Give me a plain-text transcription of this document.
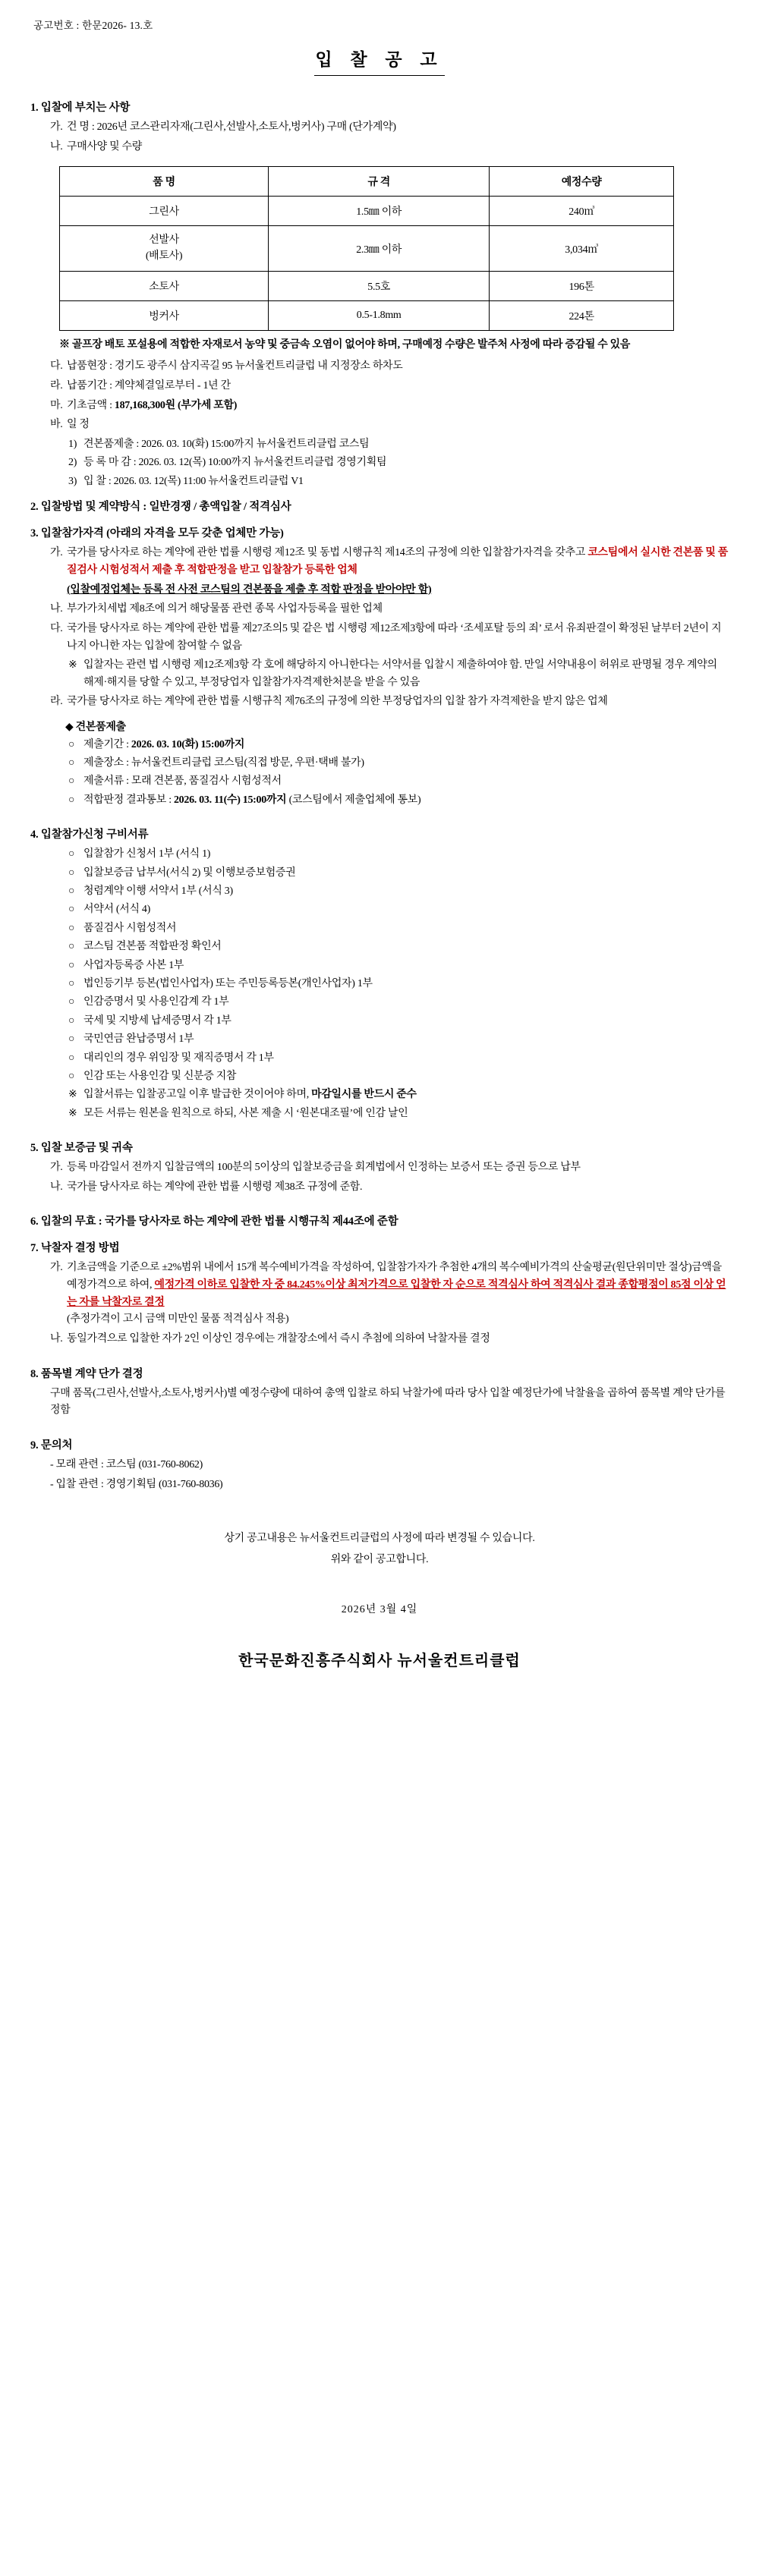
공고번호 : 한문2026- 13.호
입 찰 공 고
1. 입찰에 부치는 사항
가. 건 명 : 2026년 코스관리자재(그린사,선발사,소토사,벙커사) 구매 (단가계약)
나. 구매사양 및 수량
품 명	규 격	예정수량
그린사	1.5㎜ 이하	240㎥
선발사
(배토사)	2.3㎜ 이하	3,034㎥
소토사	5.5호	196톤
벙커사	0.5-1.8mm	224톤
※ 골프장 배토 포설용에 적합한 자재로서 농약 및 중금속 오염이 없어야 하며, 구매예정 수량은 발주처 사정에 따라 증감될 수 있음
다. 납품현장 : 경기도 광주시 삼지곡길 95 뉴서울컨트리클럽 내 지정장소 하차도
라. 납품기간 : 계약체결일로부터 - 1년 간
마. 기초금액 : 187,168,300원 (부가세 포함)
바. 일 정
1) 견본품제출 : 2026. 03. 10(화) 15:00까지 뉴서울컨트리클럽 코스팀
2) 등 록 마 감 : 2026. 03. 12(목) 10:00까지 뉴서울컨트리클럽 경영기획팀
3) 입 찰 : 2026. 03. 12(목) 11:00 뉴서울컨트리클럽 V1
2. 입찰방법 및 계약방식 : 일반경쟁 / 총액입찰 / 적격심사
3. 입찰참가자격 (아래의 자격을 모두 갖춘 업체만 가능)
가. 국가를 당사자로 하는 계약에 관한 법률 시행령 제12조 및 동법 시행규칙 제14조의 규정에 의한 입찰참가자격을 갖추고 코스팀에서 실시한 견본품 및 품질검사 시험성적서 제출 후 적합판정을 받고 입찰참가 등록한 업체
(입찰예정업체는 등록 전 사전 코스팀의 견본품을 제출 후 적합 판정을 받아야만 함)
나. 부가가치세법 제8조에 의거 해당물품 관련 종목 사업자등록을 필한 업체
다. 국가를 당사자로 하는 계약에 관한 법률 제27조의5 및 같은 법 시행령 제12조제3항에 따라 ‘조세포탈 등의 죄’ 로서 유죄판결이 확정된 날부터 2년이 지나지 아니한 자는 입찰에 참여할 수 없음
※ 입찰자는 관련 법 시행령 제12조제3항 각 호에 해당하지 아니한다는 서약서를 입찰시 제출하여야 함. 만일 서약내용이 허위로 판명될 경우 계약의 해제·해지를 당할 수 있고, 부정당업자 입찰참가자격제한처분을 받을 수 있음
라. 국가를 당사자로 하는 계약에 관한 법률 시행규칙 제76조의 규정에 의한 부정당업자의 입찰 참가 자격제한을 받지 않은 업체
◆ 견본품제출
○ 제출기간 : 2026. 03. 10(화) 15:00까지
○ 제출장소 : 뉴서울컨트리클럽 코스팀(직접 방문, 우편·택배 불가)
○ 제출서류 : 모래 견본품, 품질검사 시험성적서
○ 적합판정 결과통보 : 2026. 03. 11(수) 15:00까지 (코스팀에서 제출업체에 통보)
4. 입찰참가신청 구비서류
○ 입찰참가 신청서 1부 (서식 1)
○ 입찰보증금 납부서(서식 2) 및 이행보증보험증권
○ 청렴계약 이행 서약서 1부 (서식 3)
○ 서약서 (서식 4)
○ 품질검사 시험성적서
○ 코스팀 견본품 적합판정 확인서
○ 사업자등록증 사본 1부
○ 법인등기부 등본(법인사업자) 또는 주민등록등본(개인사업자) 1부
○ 인감증명서 및 사용인감계 각 1부
○ 국세 및 지방세 납세증명서 각 1부
○ 국민연금 완납증명서 1부
○ 대리인의 경우 위임장 및 재직증명서 각 1부
○ 인감 또는 사용인감 및 신분증 지참
※ 입찰서류는 입찰공고일 이후 발급한 것이어야 하며, 마감일시를 반드시 준수
※ 모든 서류는 원본을 원칙으로 하되, 사본 제출 시 ‘원본대조필’에 인감 날인
5. 입찰 보증금 및 귀속
가. 등록 마감일서 전까지 입찰금액의 100분의 5이상의 입찰보증금을 회계법에서 인정하는 보증서 또는 증권 등으로 납부
나. 국가를 당사자로 하는 계약에 관한 법률 시행령 제38조 규정에 준함.
6. 입찰의 무효 : 국가를 당사자로 하는 계약에 관한 법률 시행규칙 제44조에 준함
7. 낙찰자 결정 방법
가. 기초금액을 기준으로 ±2%범위 내에서 15개 복수예비가격을 작성하여, 입찰참가자가 추첨한 4개의 복수예비가격의 산술평균(원단위미만 절상)금액을 예정가격으로 하여, 예정가격 이하로 입찰한 자 중 84.245%이상 최저가격으로 입찰한 자 순으로 적격심사 하여 적격심사 결과 종합평점이 85점 이상 얻는 자를 낙찰자로 결정
(추정가격이 고시 금액 미만인 물품 적격심사 적용)
나. 동일가격으로 입찰한 자가 2인 이상인 경우에는 개찰장소에서 즉시 추첨에 의하여 낙찰자를 결정
8. 품목별 계약 단가 결정
구매 품목(그린사,선발사,소토사,벙커사)별 예정수량에 대하여 총액 입찰로 하되 낙찰가에 따라 당사 입찰 예정단가에 낙찰율을 곱하여 품목별 계약 단가를 정함
9. 문의처
- 모래 관련 : 코스팀 (031-760-8062)
- 입찰 관련 : 경영기획팀 (031-760-8036)
상기 공고내용은 뉴서울컨트리클럽의 사정에 따라 변경될 수 있습니다.
위와 같이 공고합니다.
2026년 3월 4일
한국문화진흥주식회사 뉴서울컨트리클럽
